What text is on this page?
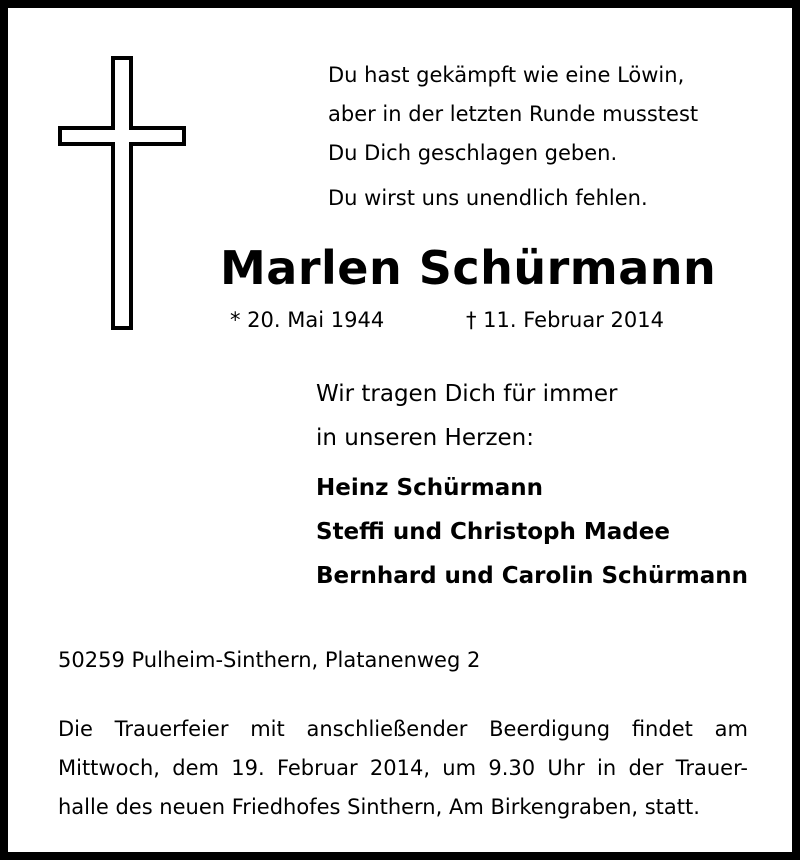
Du hast gekämpft wie eine Löwin,
aber in der letzten Runde musstest
Du Dich geschlagen geben.
Du wirst uns unendlich fehlen.
Marlen Schürmann
* 20. Mai 1944	† 11. Februar 2014
Wir tragen Dich für immer
in unseren Herzen:
Heinz Schürmann
Steffi und Christoph Madee
Bernhard und Carolin Schürmann
50259 Pulheim-Sinthern, Platanenweg 2
Die Trauerfeier mit anschließender Beerdigung findet am
Mittwoch, dem 19. Februar 2014, um 9.30 Uhr in der Trauer-
halle des neuen Friedhofes Sinthern, Am Birkengraben, statt.
